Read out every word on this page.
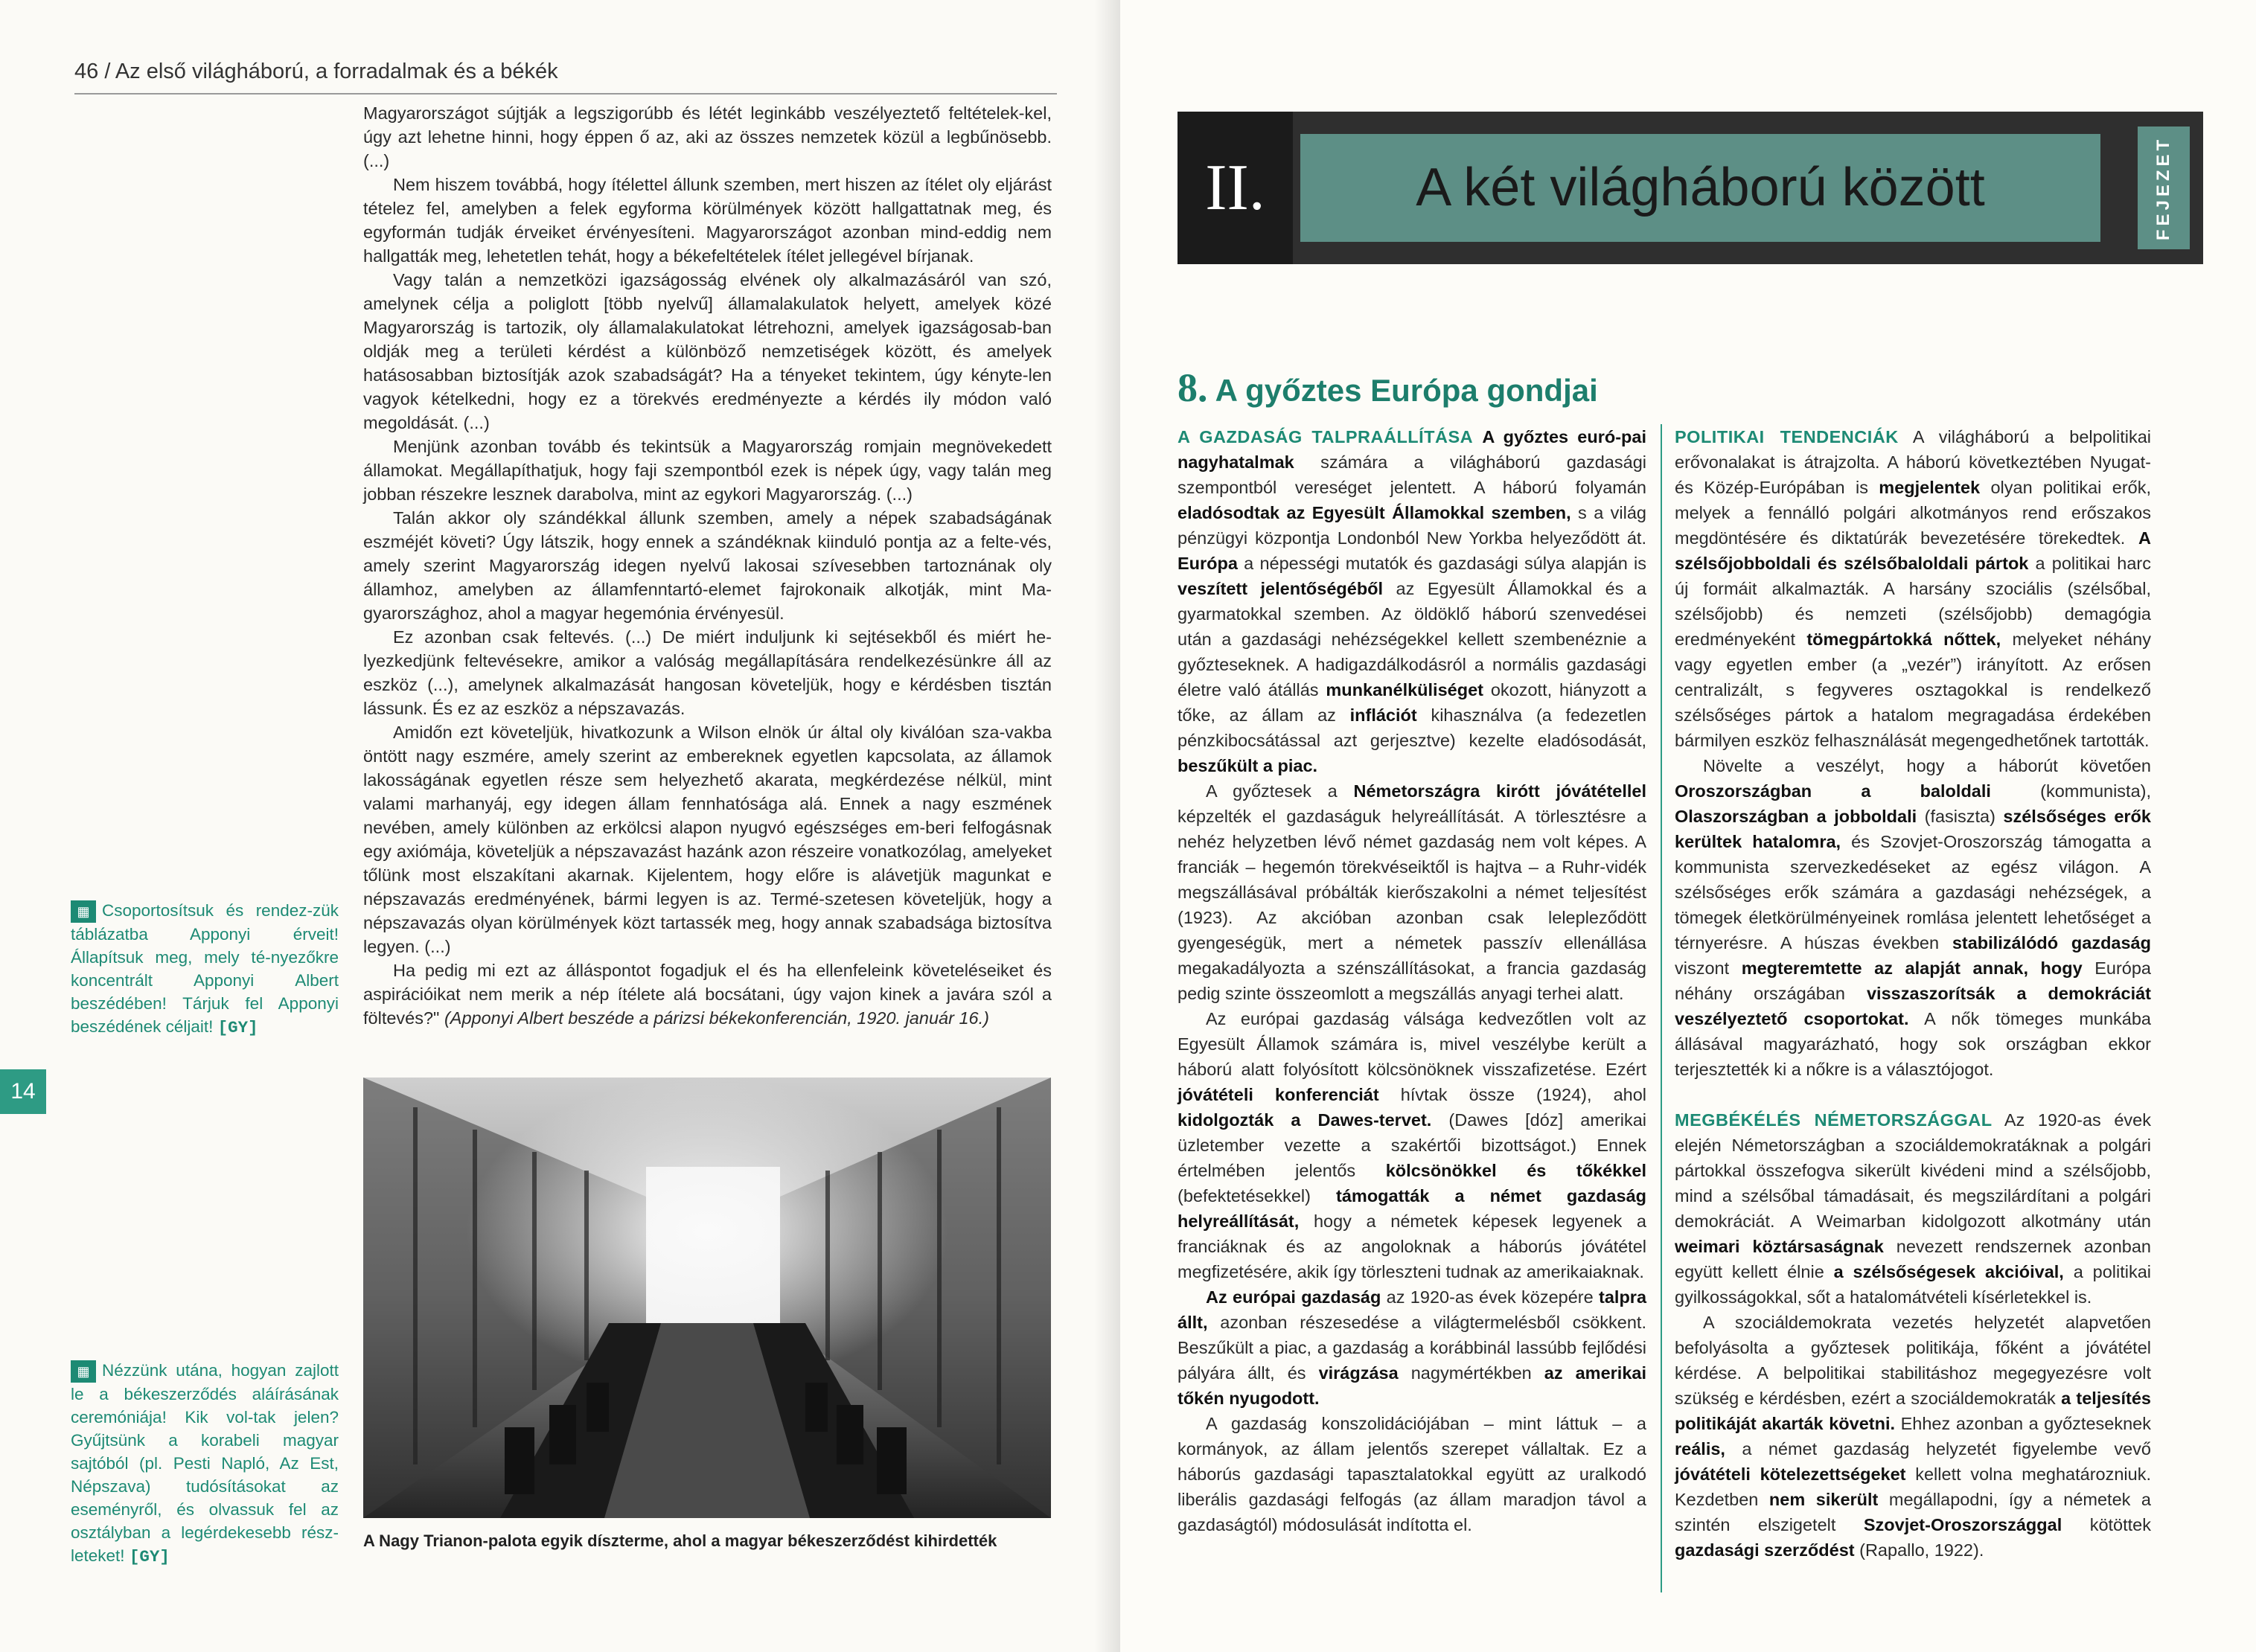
46 / Az első világháború, a forradalmak és a békék

Magyarországot sújtják a legszigorúbb és létét leginkább veszélyeztető feltételek-kel, úgy azt lehetne hinni, hogy éppen ő az, aki az összes nemzetek közül a legbűnösebb. (...)

Nem hiszem továbbá, hogy ítélettel állunk szemben, mert hiszen az ítélet oly eljárást tételez fel, amelyben a felek egyforma körülmények között hallgattatnak meg, és egyformán tudják érveiket érvényesíteni. Magyarországot azonban mind-eddig nem hallgatták meg, lehetetlen tehát, hogy a békefeltételek ítélet jellegével bírjanak.

Vagy talán a nemzetközi igazságosság elvének oly alkalmazásáról van szó, amelynek célja a poliglott [több nyelvű] államalakulatok helyett, amelyek közé Magyarország is tartozik, oly államalakulatokat létrehozni, amelyek igazságosab-ban oldják meg a területi kérdést a különböző nemzetiségek között, és amelyek hatásosabban biztosítják azok szabadságát? Ha a tényeket tekintem, úgy kényte-len vagyok kételkedni, hogy ez a törekvés eredményezte a kérdés ily módon való megoldását. (...)

Menjünk azonban tovább és tekintsük a Magyarország romjain megnövekedett államokat. Megállapíthatjuk, hogy faji szempontból ezek is népek úgy, vagy talán meg jobban részekre lesznek darabolva, mint az egykori Magyarország. (...)

Talán akkor oly szándékkal állunk szemben, amely a népek szabadságának eszméjét követi? Úgy látszik, hogy ennek a szándéknak kiinduló pontja az a felte-vés, amely szerint Magyarország idegen nyelvű lakosai szívesebben tartoznának oly államhoz, amelyben az államfenntartó-elemet fajrokonaik alkotják, mint Ma-gyarországhoz, ahol a magyar hegemónia érvényesül.

Ez azonban csak feltevés. (...) De miért induljunk ki sejtésekből és miért he-lyezkedjünk feltevésekre, amikor a valóság megállapítására rendelkezésünkre áll az eszköz (...), amelynek alkalmazását hangosan követeljük, hogy e kérdésben tisztán lássunk. És ez az eszköz a népszavazás.

Amidőn ezt követeljük, hivatkozunk a Wilson elnök úr által oly kiválóan sza-vakba öntött nagy eszmére, amely szerint az embereknek egyetlen kapcsolata, az államok lakosságának egyetlen része sem helyezhető akarata, megkérdezése nélkül, mint valami marhanyáj, egy idegen állam fennhatósága alá. Ennek a nagy eszmének nevében, amely különben az erkölcsi alapon nyugvó egészséges em-beri felfogásnak egy axiómája, követeljük a népszavazást hazánk azon részeire vonatkozólag, amelyeket tőlünk most elszakítani akarnak. Kijelentem, hogy előre is alávetjük magunkat e népszavazás eredményének, bármi legyen is az. Termé-szetesen követeljük, hogy a népszavazás olyan körülmények közt tartassék meg, hogy annak szabadsága biztosítva legyen. (...)

Ha pedig mi ezt az álláspontot fogadjuk el és ha ellenfeleink követeléseiket és aspirációikat nem merik a nép ítélete alá bocsátani, úgy vajon kinek a javára szól a föltevés?" (Apponyi Albert beszéde a párizsi békekonferencián, 1920. január 16.)

▦ Csoportosítsuk és rendez-zük táblázatba Apponyi érveit! Állapítsuk meg, mely té-nyezőkre koncentrált Apponyi Albert beszédében! Tárjuk fel Apponyi beszédének céljait! [GY]
14
▦ Nézzünk utána, hogyan zajlott le a békeszerződés aláírásának ceremóniája! Kik vol-tak jelen? Gyűjtsünk a korabeli magyar sajtóból (pl. Pesti Napló, Az Est, Népszava) tudósításokat az eseményről, és olvassuk fel az osztályban a legérdekesebb rész-leteket! [GY]
A Nagy Trianon-palota egyik díszterme, ahol a magyar békeszerződést kihirdették
II.	A két világháború között	FEJEZET
8. A győztes Európa gondjai

A GAZDASÁG TALPRAÁLLÍTÁSA A győztes euró-pai nagyhatalmak számára a világháború gazdasági szempontból vereséget jelentett. A háború folyamán eladósodtak az Egyesült Államokkal szemben, s a világ pénzügyi központja Londonból New Yorkba helyeződött át. Európa a népességi mutatók és gazdasági súlya alapján is veszített jelentőségéből az Egyesült Államokkal és a gyarmatokkal szemben. Az öldöklő háború szenvedései után a gazdasági nehézségekkel kellett szembenéznie a győzteseknek. A hadigazdálkodásról a normális gazdasági életre való átállás munkanélküliséget okozott, hiányzott a tőke, az állam az inflációt kihasználva (a fedezetlen pénzkibocsátással azt gerjesztve) kezelte eladósodását, beszűkült a piac.

A győztesek a Németországra kirótt jóvátétellel képzelték el gazdaságuk helyreállítását. A törlesztésre a nehéz helyzetben lévő német gazdaság nem volt képes. A franciák – hegemón törekvéseiktől is hajtva – a Ruhr-vidék megszállásával próbálták kierőszakolni a német teljesítést (1923). Az akcióban azonban csak lelepleződött gyengeségük, mert a németek passzív ellenállása megakadályozta a szénszállításokat, a francia gazdaság pedig szinte összeomlott a megszállás anyagi terhei alatt.

Az európai gazdaság válsága kedvezőtlen volt az Egyesült Államok számára is, mivel veszélybe került a háború alatt folyósított kölcsönöknek visszafizetése. Ezért jóvátételi konferenciát hívtak össze (1924), ahol kidolgozták a Dawes-tervet. (Dawes [dóz] amerikai üzletember vezette a szakértői bizottságot.) Ennek értelmében jelentős kölcsönökkel és tőkékkel (befektetésekkel) támogatták a német gazdaság helyreállítását, hogy a németek képesek legyenek a franciáknak és az angoloknak a háborús jóvátétel megfizetésére, akik így törleszteni tudnak az amerikaiaknak.

Az európai gazdaság az 1920-as évek közepére talpra állt, azonban részesedése a világtermelésből csökkent. Beszűkült a piac, a gazdaság a korábbinál lassúbb fejlődési pályára állt, és virágzása nagymértékben az amerikai tőkén nyugodott.

A gazdaság konszolidációjában – mint láttuk – a kormányok, az állam jelentős szerepet vállaltak. Ez a háborús gazdasági tapasztalatokkal együtt az uralkodó liberális gazdasági felfogás (az állam maradjon távol a gazdaságtól) módosulását indította el.

POLITIKAI TENDENCIÁK A világháború a belpolitikai erővonalakat is átrajzolta. A háború következtében Nyugat- és Közép-Európában is megjelentek olyan politikai erők, melyek a fennálló polgári alkotmányos rend erőszakos megdöntésére és diktatúrák bevezetésére törekedtek. A szélsőjobboldali és szélsőbaloldali pártok a politikai harc új formáit alkalmazták. A harsány szociális (szélsőbal, szélsőjobb) és nemzeti (szélsőjobb) demagógia eredményeként tömegpártokká nőttek, melyeket néhány vagy egyetlen ember (a „vezér”) irányított. Az erősen centralizált, s fegyveres osztagokkal is rendelkező szélsőséges pártok a hatalom megragadása érdekében bármilyen eszköz felhasználását megengedhetőnek tartották.

Növelte a veszélyt, hogy a háborút követően Oroszországban a baloldali (kommunista), Olaszországban a jobboldali (fasiszta) szélsőséges erők kerültek hatalomra, és Szovjet-Oroszország támogatta a kommunista szervezkedéseket az egész világon. A szélsőséges erők számára a gazdasági nehézségek, a tömegek életkörülményeinek romlása jelentett lehetőséget a térnyerésre. A húszas években stabilizálódó gazdaság viszont megteremtette az alapját annak, hogy Európa néhány országában visszaszorítsák a demokráciát veszélyeztető csoportokat. A nők tömeges munkába állásával magyarázható, hogy sok országban ekkor terjesztették ki a nőkre is a választójogot.

MEGBÉKÉLÉS NÉMETORSZÁGGAL Az 1920-as évek elején Németországban a szociáldemokratáknak a polgári pártokkal összefogva sikerült kivédeni mind a szélsőjobb, mind a szélsőbal támadásait, és megszilárdítani a polgári demokráciát. A Weimarban kidolgozott alkotmány után weimari köztársaságnak nevezett rendszernek azonban együtt kellett élnie a szélsőségesek akcióival, a politikai gyilkosságokkal, sőt a hatalomátvételi kísérletekkel is.

A szociáldemokrata vezetés helyzetét alapvetően befolyásolta a győztesek politikája, főként a jóvátétel kérdése. A belpolitikai stabilitáshoz megegyezésre volt szükség e kérdésben, ezért a szociáldemokraták a teljesítés politikáját akarták követni. Ehhez azonban a győzteseknek reális, a német gazdaság helyzetét figyelembe vevő jóvátételi kötelezettségeket kellett volna meghatározniuk. Kezdetben nem sikerült megállapodni, így a németek a szintén elszigetelt Szovjet-Oroszországgal kötöttek gazdasági szerződést (Rapallo, 1922).
